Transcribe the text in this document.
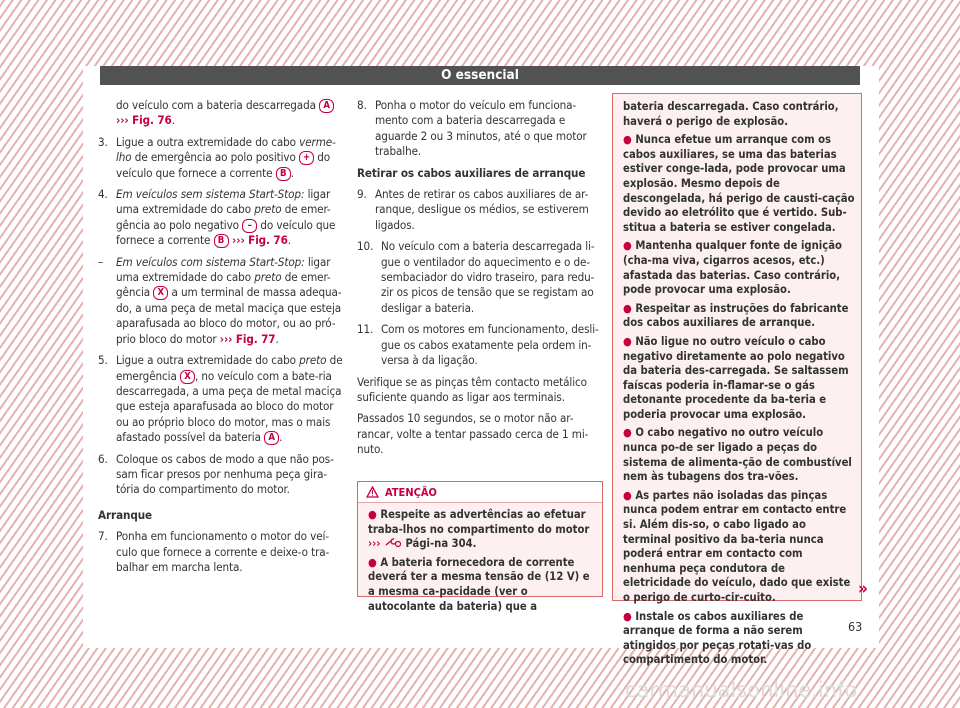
O essencial
do veículo com a bateria descarregada A ››› Fig. 76.
3. Ligue a outra extremidade do cabo verme-lho de emergência ao polo positivo + do veículo que fornece a corrente B .
4. Em veículos sem sistema Start-Stop: ligar uma extremidade do cabo preto de emer-gência ao polo negativo – do veículo que fornece a corrente B ››› Fig. 76.
–	Em veículos com sistema Start-Stop: ligar uma extremidade do cabo preto de emer-gência X a um terminal de massa adequa-do, a uma peça de metal maciça que esteja aparafusada ao bloco do motor, ou ao pró-prio bloco do motor ››› Fig. 77.
5. Ligue a outra extremidade do cabo preto de emergência X , no veículo com a bate-ria descarregada, a uma peça de metal maciça que esteja aparafusada ao bloco do motor ou ao próprio bloco do motor, mas o mais afastado possível da bateria A .
6. Coloque os cabos de modo a que não pos-sam ficar presos por nenhuma peça gira-tória do compartimento do motor.
Arranque
7. Ponha em funcionamento o motor do veí-culo que fornece a corrente e deixe-o tra-balhar em marcha lenta.
8. Ponha o motor do veículo em funciona-mento com a bateria descarregada e aguarde 2 ou 3 minutos, até o que motor trabalhe.
Retirar os cabos auxiliares de arranque
9. Antes de retirar os cabos auxiliares de ar-ranque, desligue os médios, se estiverem ligados.
10. No veículo com a bateria descarregada li-gue o ventilador do aquecimento e o de-sembaciador do vidro traseiro, para redu-zir os picos de tensão que se registam ao desligar a bateria.
11. Com os motores em funcionamento, desli-gue os cabos exatamente pela ordem in-versa à da ligação.

Verifique se as pinças têm contacto metálico suficiente quando as ligar aos terminais.

Passados 10 segundos, se o motor não ar-rancar, volte a tentar passado cerca de 1 mi-nuto.

ATENÇÃO

● Respeite as advertências ao efetuar traba-lhos no compartimento do motor ›››  Pági-na 304.

● A bateria fornecedora de corrente deverá ter a mesma tensão de (12 V) e a mesma ca-pacidade (ver o autocolante da bateria) que a

bateria descarregada. Caso contrário, haverá o perigo de explosão.

● Nunca efetue um arranque com os cabos auxiliares, se uma das baterias estiver conge-lada, pode provocar uma explosão. Mesmo depois de descongelada, há perigo de causti-cação devido ao eletrólito que é vertido. Sub-stitua a bateria se estiver congelada.

● Mantenha qualquer fonte de ignição (cha-ma viva, cigarros acesos, etc.) afastada das baterias. Caso contrário, pode provocar uma explosão.

● Respeitar as instruções do fabricante dos cabos auxiliares de arranque.

● Não ligue no outro veículo o cabo negativo diretamente ao polo negativo da bateria des-carregada. Se saltassem faíscas poderia in-flamar-se o gás detonante procedente da ba-teria e poderia provocar uma explosão.

● O cabo negativo no outro veículo nunca po-de ser ligado a peças do sistema de alimenta-ção de combustível nem às tubagens dos tra-vões.

● As partes não isoladas das pinças nunca podem entrar em contacto entre si. Além dis-so, o cabo ligado ao terminal positivo da ba-teria nunca poderá entrar em contacto com nenhuma peça condutora de eletricidade do veículo, dado que existe o perigo de curto-cir-cuito.

● Instale os cabos auxiliares de arranque de forma a não serem atingidos por peças rotati-vas do compartimento do motor.

»
63
carmanualsonline.info
